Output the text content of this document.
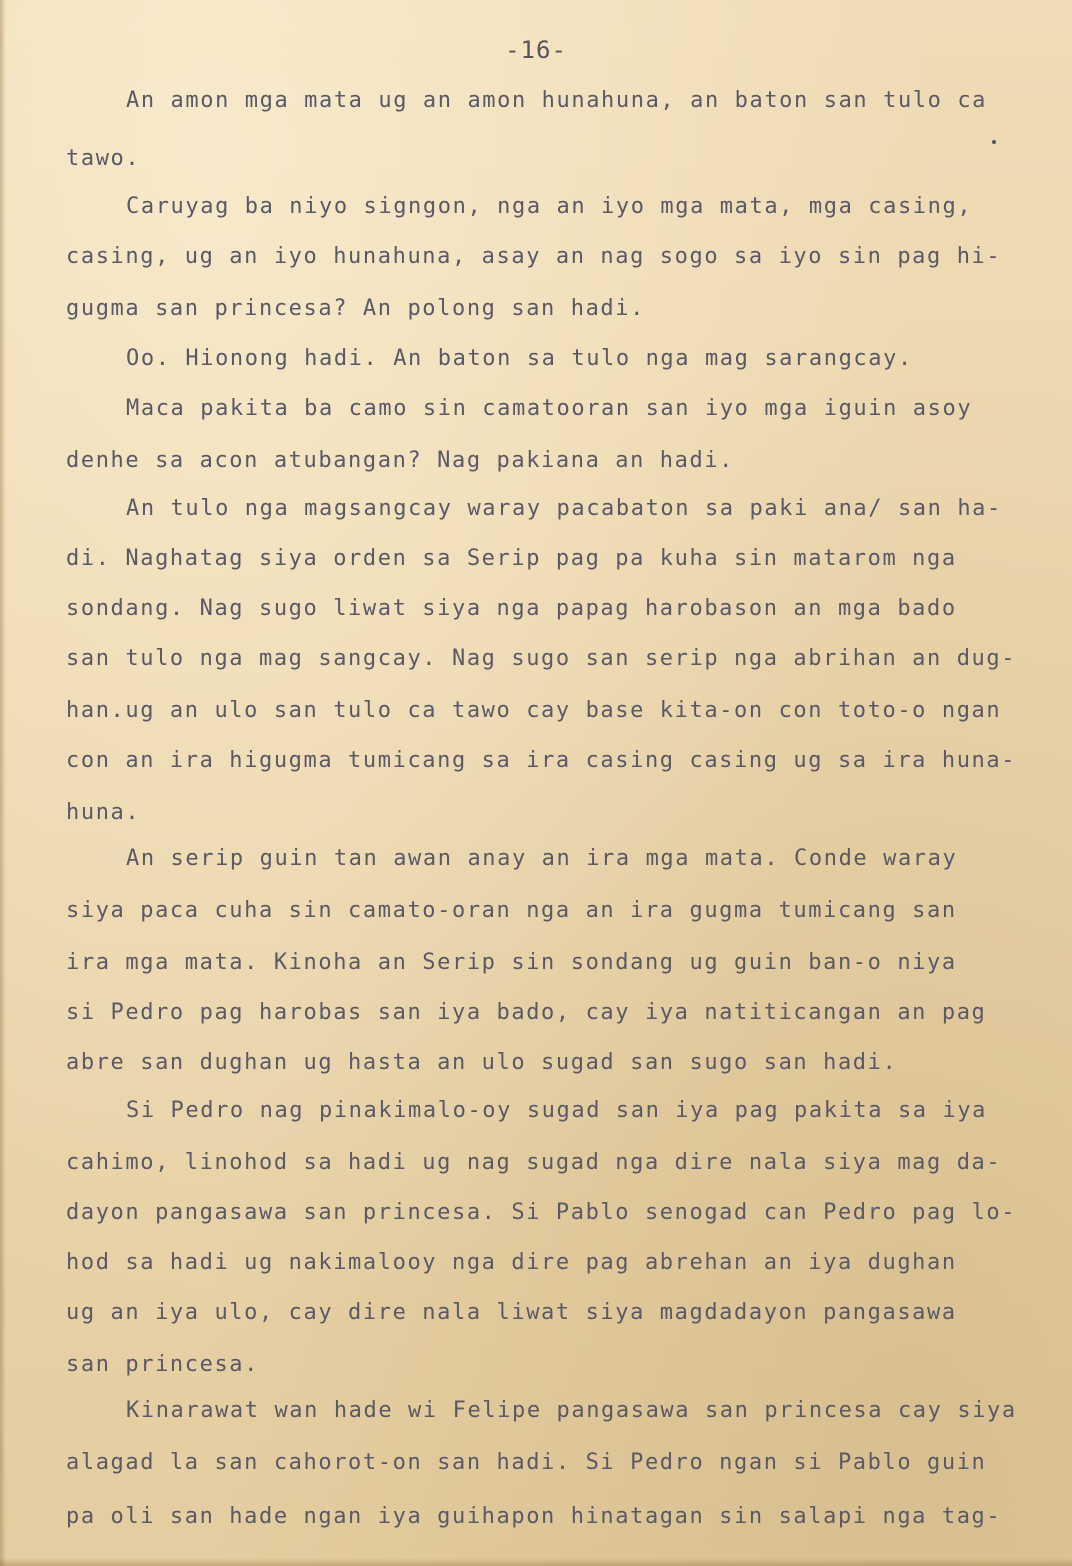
-16-
An amon mga mata ug an amon hunahuna, an baton san tulo ca
tawo.
Caruyag ba niyo signgon, nga an iyo mga mata, mga casing,
casing, ug an iyo hunahuna, asay an nag sogo sa iyo sin pag hi-
gugma san princesa? An polong san hadi.
Oo. Hionong hadi. An baton sa tulo nga mag sarangcay.
Maca pakita ba camo sin camatooran san iyo mga iguin asoy
denhe sa acon atubangan? Nag pakiana an hadi.
An tulo nga magsangcay waray pacabaton sa paki ana/ san ha-
di. Naghatag siya orden sa Serip pag pa kuha sin matarom nga
sondang. Nag sugo liwat siya nga papag harobason an mga bado
san tulo nga mag sangcay. Nag sugo san serip nga abrihan an dug-
han.ug an ulo san tulo ca tawo cay base kita-on con toto-o ngan
con an ira higugma tumicang sa ira casing casing ug sa ira huna-
huna.
An serip guin tan awan anay an ira mga mata. Conde waray
siya paca cuha sin camato-oran nga an ira gugma tumicang san
ira mga mata. Kinoha an Serip sin sondang ug guin ban-o niya
si Pedro pag harobas san iya bado, cay iya natiticangan an pag
abre san dughan ug hasta an ulo sugad san sugo san hadi.
Si Pedro nag pinakimalo-oy sugad san iya pag pakita sa iya
cahimo, linohod sa hadi ug nag sugad nga dire nala siya mag da-
dayon pangasawa san princesa. Si Pablo senogad can Pedro pag lo-
hod sa hadi ug nakimalooy nga dire pag abrehan an iya dughan
ug an iya ulo, cay dire nala liwat siya magdadayon pangasawa
san princesa.
Kinarawat wan hade wi Felipe pangasawa san princesa cay siya
alagad la san cahorot-on san hadi. Si Pedro ngan si Pablo guin
pa oli san hade ngan iya guihapon hinatagan sin salapi nga tag-
